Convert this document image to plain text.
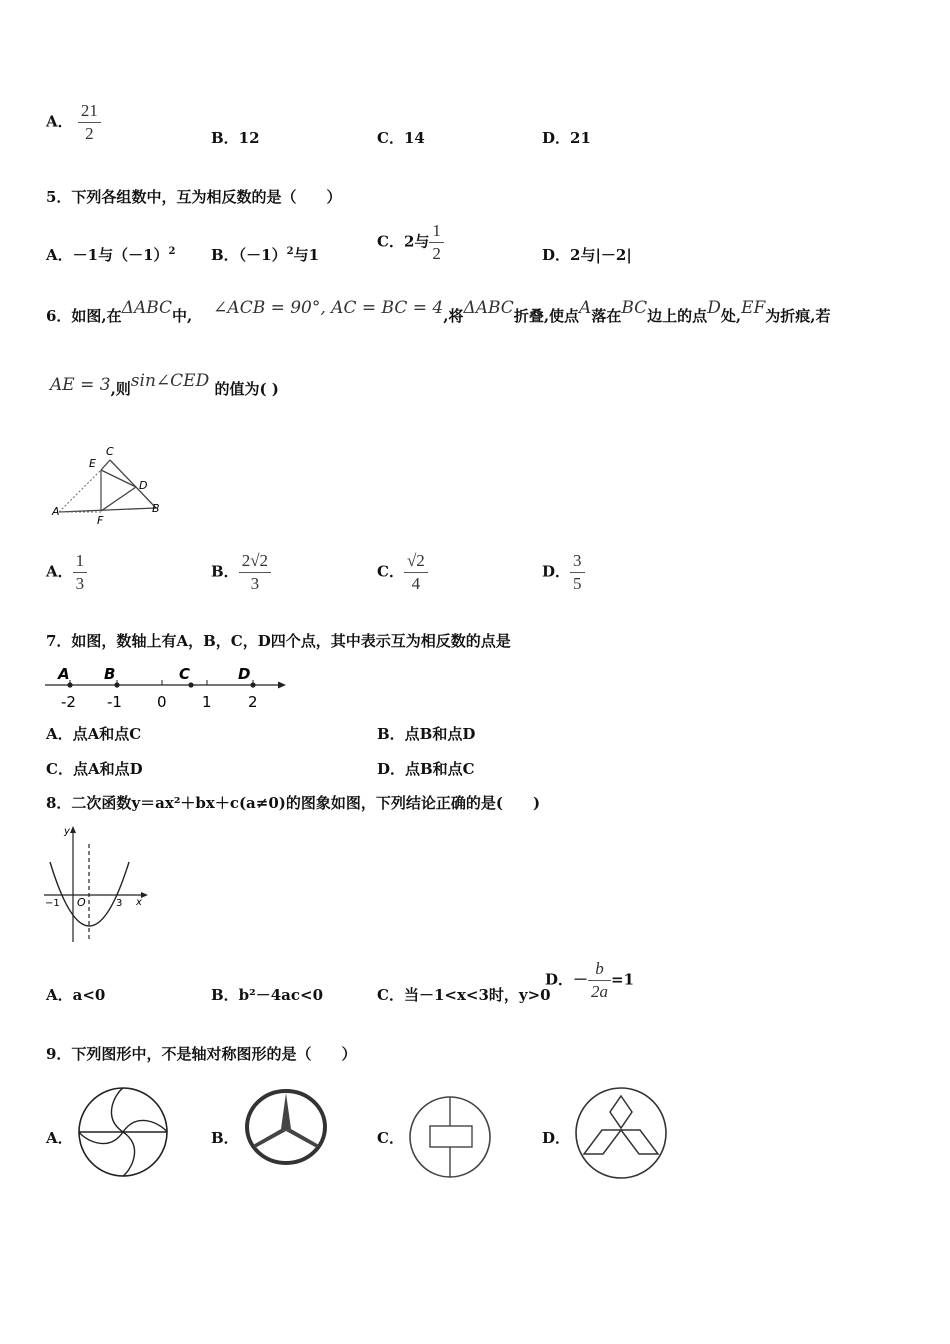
A． $\frac{21}{2}$	B．12	C．14	D．21
5．下列各组数中，互为相反数的是（　　）
A．－1与$(-1)^2$ B．$(-1)^2$与1
C．2与 $\frac{1}{2}$	D．2与|－2|
6．如图,在ΔABC中, ∠ACB = 90°, AC = BC = 4,将ΔABC折叠,使点A落在BC边上的点D处,EF为折痕,若
AE = 3,则sin∠CED 的值为( )
C
E
D
A
F
B
A． $\frac{1}{3}$	B． $\frac{2√2}{3}$	C． $\frac{√2}{4}$	D． $\frac{3}{5}$
7．如图，数轴上有A，B，C，D四个点，其中表示互为相反数的点是
A B	C	D
-2 -1 0 1 2
A．点A和点C	B．点B和点D
C．点A和点D	D．点B和点C
8．二次函数y＝ax²＋bx＋c(a≠0)的图象如图，下列结论正确的是(　　)
y
x
O
−1	3
A．a<0	B．b²－4ac<0	C．当－1<x<3时，y>0
D．－ $\frac{b}{2a} =1$
9．下列图形中，不是轴对称图形的是（　　）
A．	B．	C．	D．
